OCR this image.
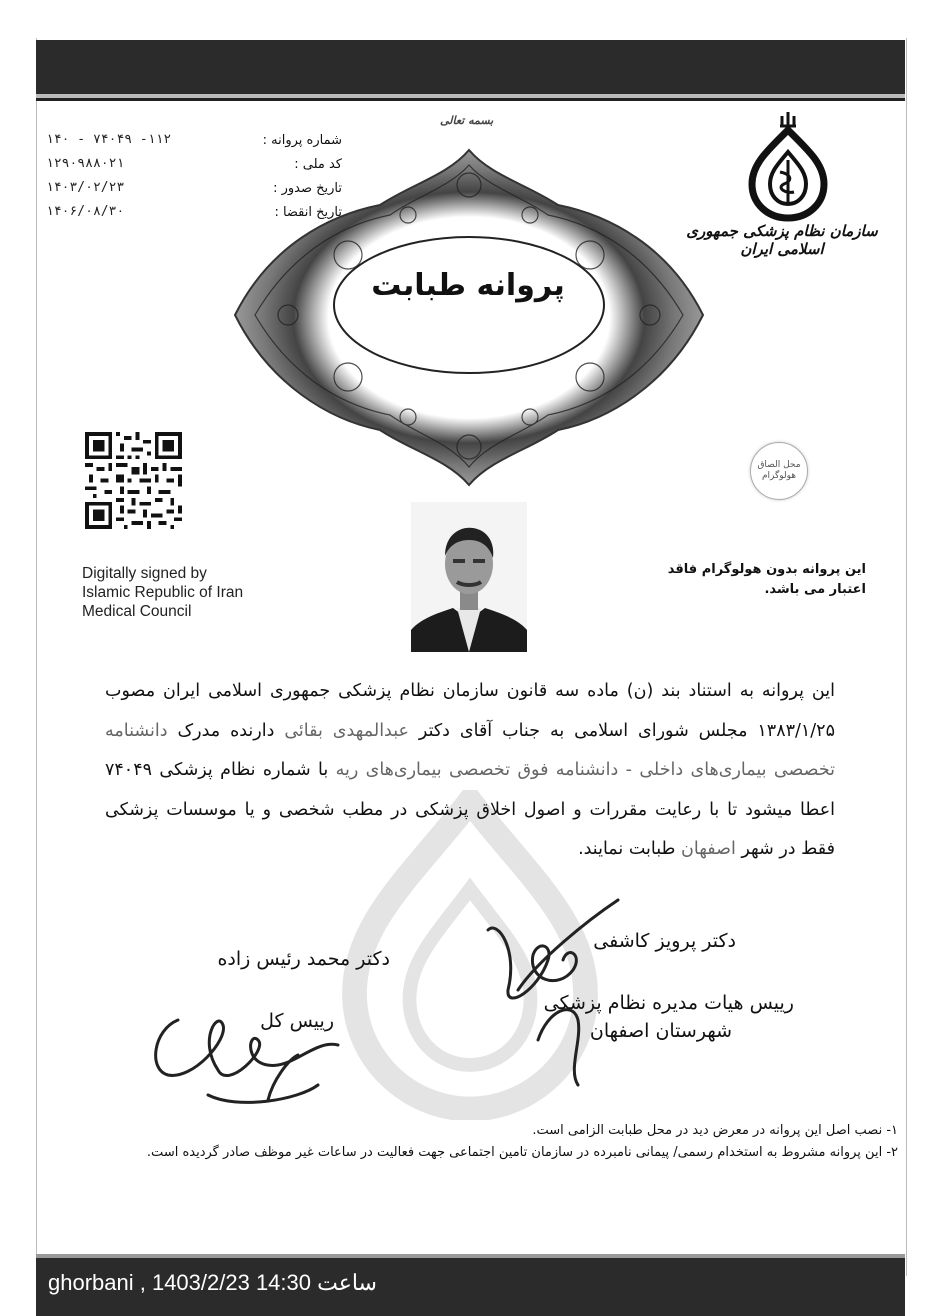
بسمه تعالی
سازمان نظام پزشکی جمهوری اسلامی ایران
پروانه طبابت
شماره پروانه :
کد ملی :
تاریخ صدور :
تاریخ انقضا :
۱۴۰ - ۷۴۰۴۹ -۱۱۲
۱۲۹۰۹۸۸۰۲۱
۱۴۰۳/۰۲/۲۳
۱۴۰۶/۰۸/۳۰
محل الصاق هولوگرام
Digitally signed by
Islamic Republic of Iran
Medical Council
این پروانه بدون هولوگرام فاقد
اعتبار می باشد.
این پروانه به استناد بند (ن) ماده سه قانون سازمان نظام پزشکی جمهوری اسلامی ایران مصوب ۱۳۸۳/۱/۲۵ مجلس شورای اسلامی به جناب آقای دکتر عبدالمهدی بقائی دارنده مدرک دانشنامه تخصصی بیماری‌های داخلی - دانشنامه فوق تخصصی بیماری‌های ریه با شماره نظام پزشکی ۷۴۰۴۹ اعطا میشود تا با رعایت مقررات و اصول اخلاق پزشکی در مطب شخصی و یا موسسات پزشکی فقط در شهر اصفهان طبابت نمایند.
دکتر پرویز کاشفی
رییس هیات مدیره نظام پزشکی
شهرستان اصفهان
دکتر محمد رئیس زاده
رییس کل
۱- نصب اصل این پروانه در معرض دید در محل طبابت الزامی است.
۲- این پروانه مشروط به استخدام رسمی/ پیمانی نامبرده در سازمان تامین اجتماعی جهت فعالیت در ساعات غیر موظف صادر گردیده است.
ghorbani , 1403/2/23 14:30 ساعت
